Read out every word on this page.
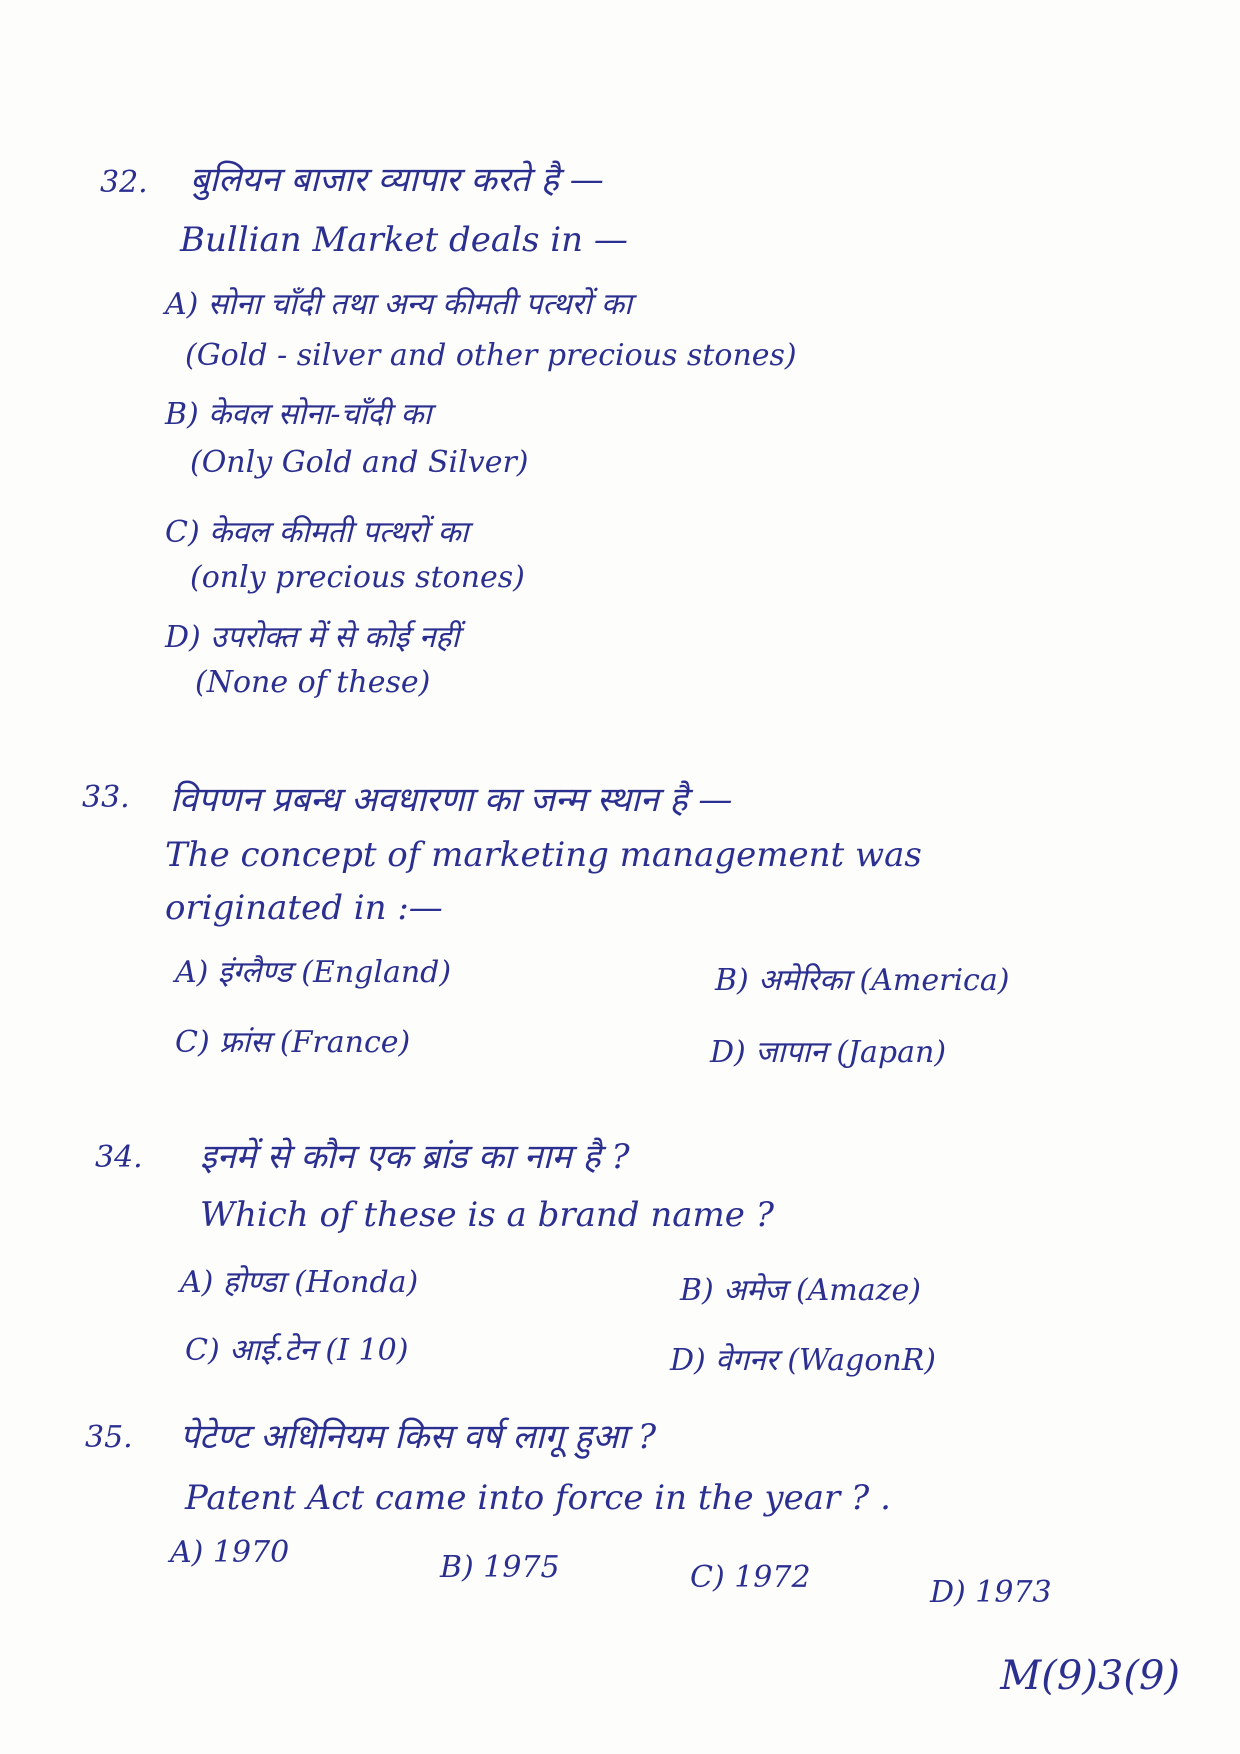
32. बुलियन बाजार व्यापार करते है —
Bullian Market deals in —
A) सोना चाँदी तथा अन्य कीमती पत्थरों का
(Gold - silver and other precious stones)
B) केवल सोना-चाँदी का
(Only Gold and Silver)
C) केवल कीमती पत्थरों का
(only precious stones)
D) उपरोक्त में से कोई नहीं
(None of these)
33. विपणन प्रबन्ध अवधारणा का जन्म स्थान है —
The concept of marketing management was
originated in :—
A) इंग्लैण्ड (England)	B) अमेरिका (America)
C) फ्रांस (France)	D) जापान (Japan)
34. इनमें से कौन एक ब्रांड का नाम है ?
Which of these is a brand name ?
A) होण्डा (Honda)	B) अमेज (Amaze)
C) आई.टेन (I 10)	D) वेगनर (WagonR)
35. पेटेण्ट अधिनियम किस वर्ष लागू हुआ ?
Patent Act came into force in the year ? .
A) 1970	B) 1975	C) 1972	D) 1973
M(9)3(9)
